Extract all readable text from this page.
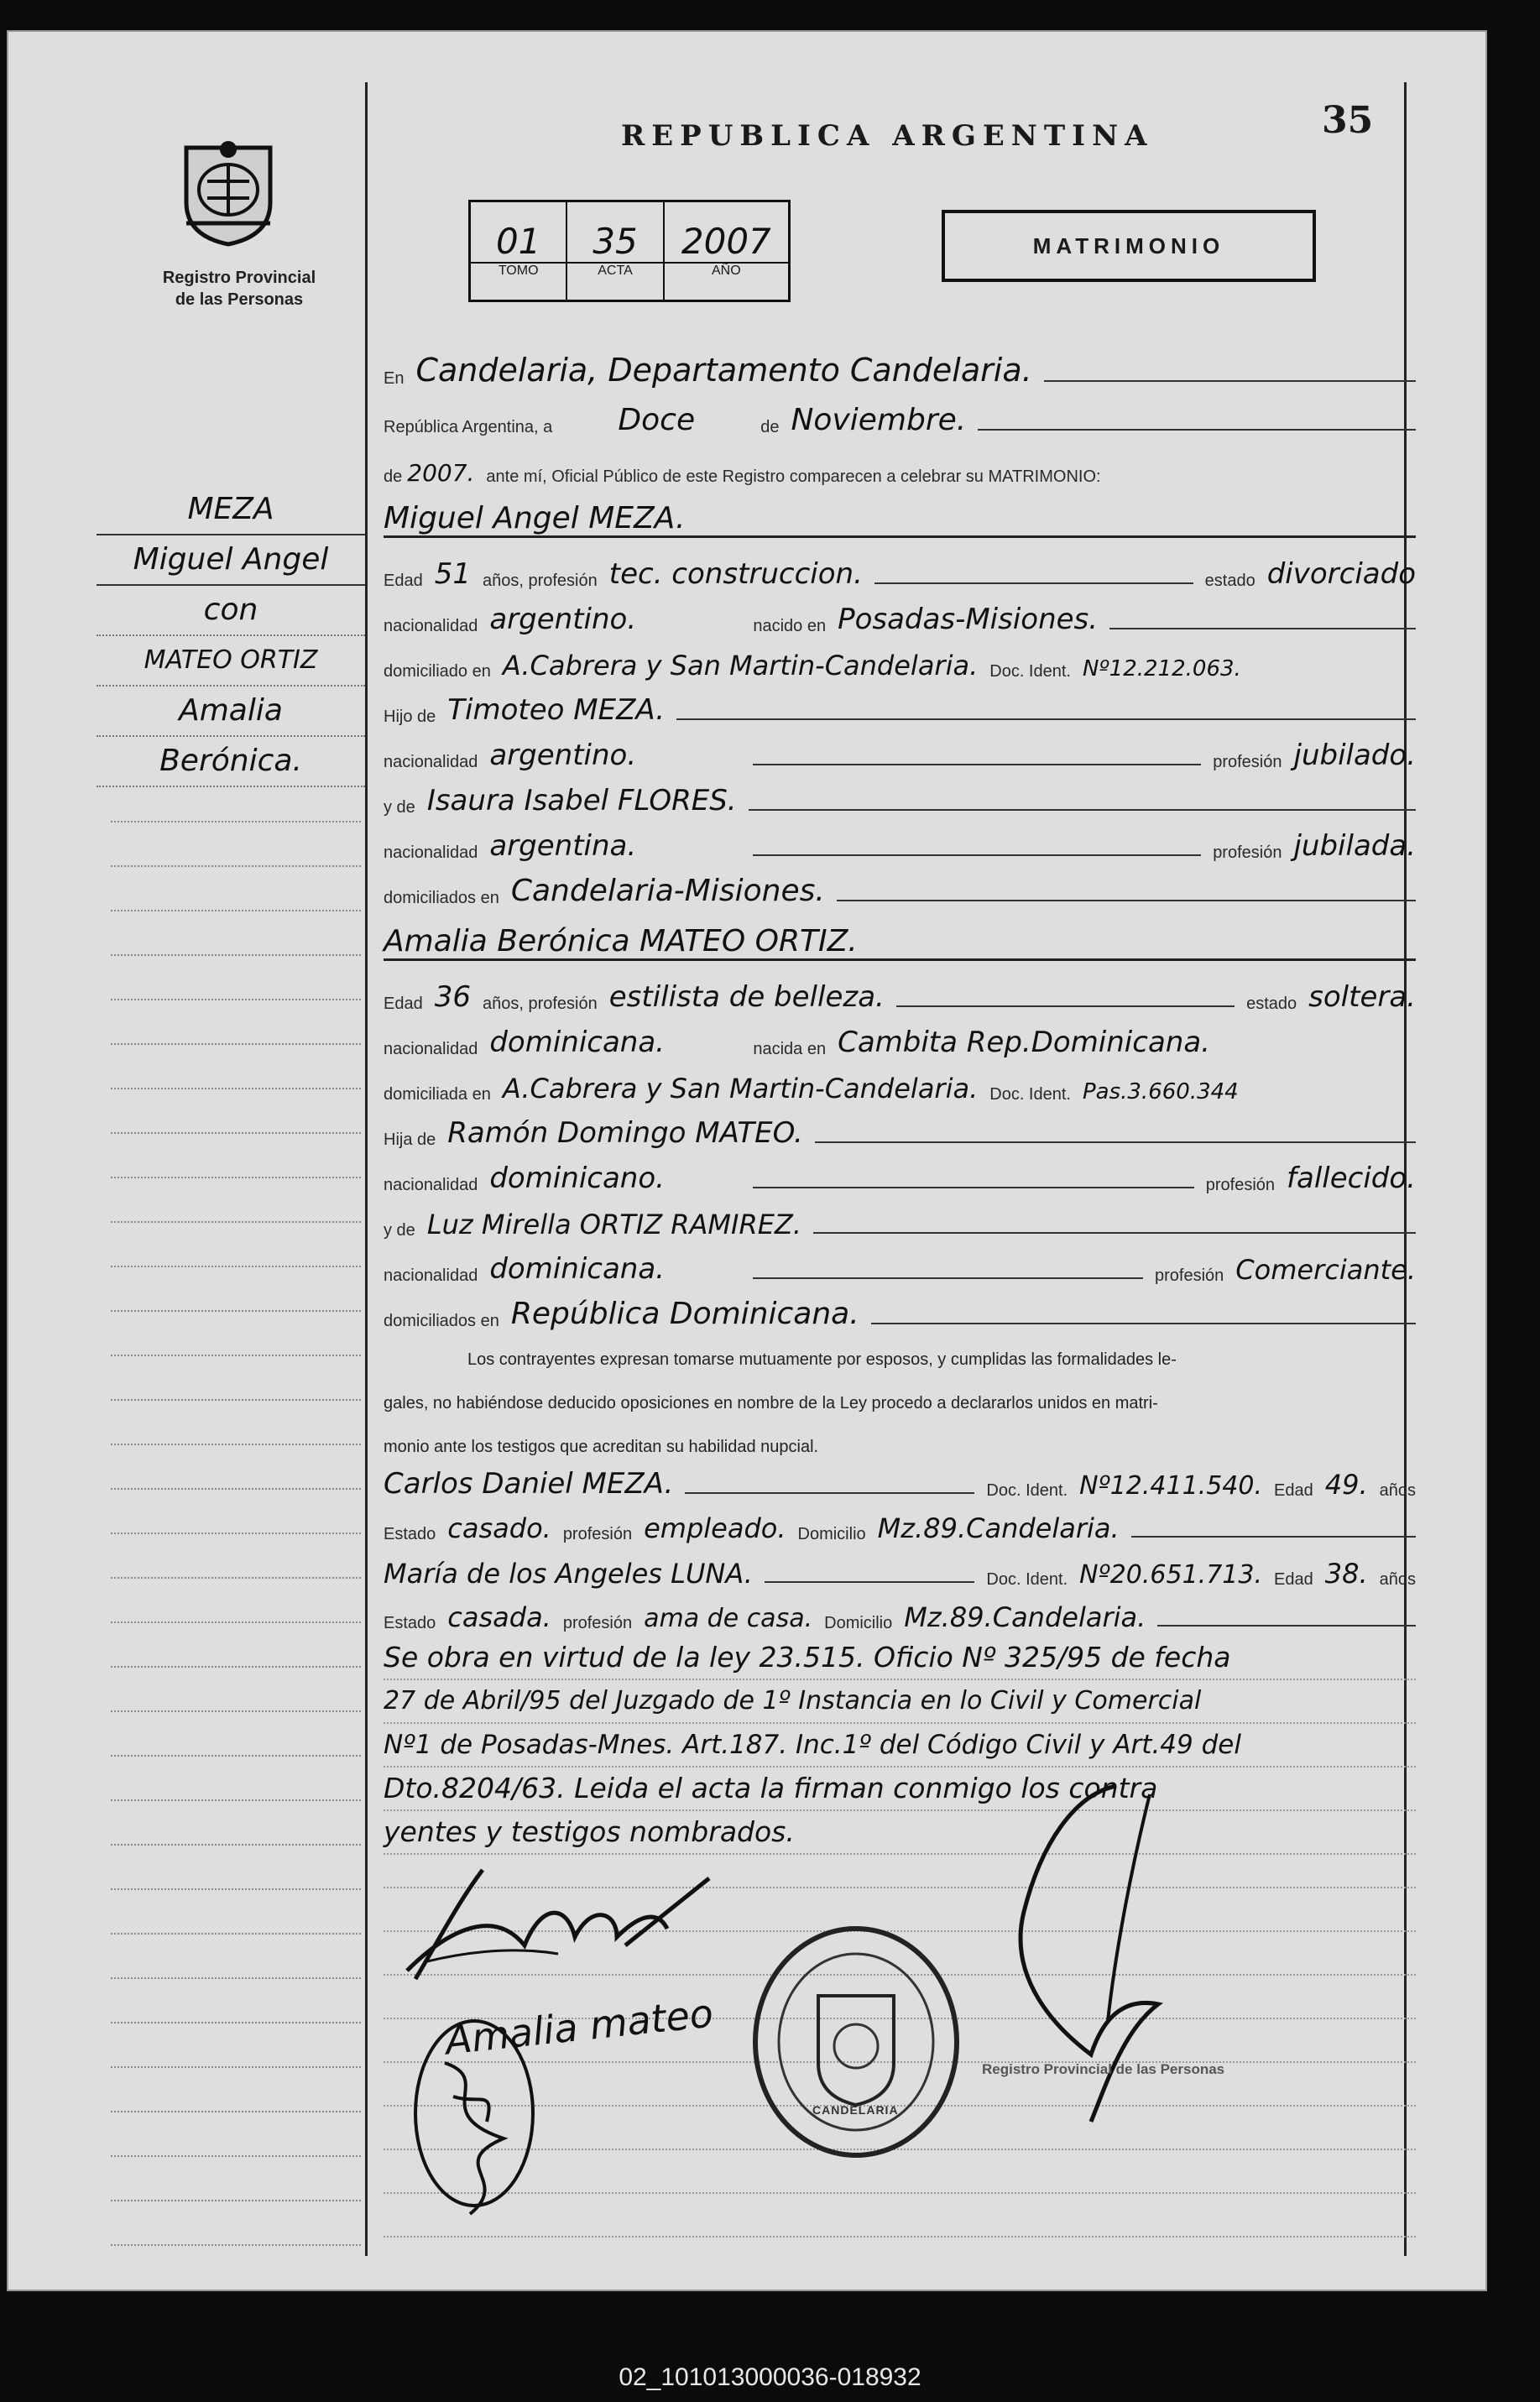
Registro Provincial
de las Personas
REPUBLICA ARGENTINA	35
01
TOMO
35
ACTA
2007
AÑO
MATRIMONIO
MEZA
Miguel Angel
con
MATEO ORTIZ
Amalia
Berónica.
En Candelaria, Departamento Candelaria.
República Argentina, a	Doce	de Noviembre.
de 2007. ante mí, Oficial Público de este Registro comparecen a celebrar su MATRIMONIO:
Miguel Angel MEZA.
Edad 51 años, profesión tec. construccion.	estado divorciado
nacionalidad argentino.	nacido en Posadas-Misiones.
domiciliado en A.Cabrera y San Martin-Candelaria. Doc. Ident. Nº12.212.063.
Hijo de Timoteo MEZA.
nacionalidad argentino.	profesión jubilado.
y de Isaura Isabel FLORES.
nacionalidad argentina.	profesión jubilada.
domiciliados en Candelaria-Misiones.
Amalia Berónica MATEO ORTIZ.
Edad 36 años, profesión estilista de belleza.	estado soltera.
nacionalidad dominicana.	nacida en Cambita Rep.Dominicana.
domiciliada en A.Cabrera y San Martin-Candelaria. Doc. Ident. Pas.3.660.344
Hija de Ramón Domingo MATEO.
nacionalidad dominicano.	profesión fallecido.
y de Luz Mirella ORTIZ RAMIREZ.
nacionalidad dominicana.	profesión Comerciante.
domiciliados en República Dominicana.
Los contrayentes expresan tomarse mutuamente por esposos, y cumplidas las formalidades le-
gales, no habiéndose deducido oposiciones en nombre de la Ley procedo a declararlos unidos en matri-
monio ante los testigos que acreditan su habilidad nupcial.
Carlos Daniel MEZA.	Doc. Ident. Nº12.411.540. Edad 49. años
Estado casado. profesión empleado. Domicilio Mz.89.Candelaria.
María de los Angeles LUNA.	Doc. Ident. Nº20.651.713. Edad 38. años
Estado casada. profesión ama de casa. Domicilio Mz.89.Candelaria.
Se obra en virtud de la ley 23.515. Oficio Nº 325/95 de fecha
27 de Abril/95 del Juzgado de 1º Instancia en lo Civil y Comercial
Nº1 de Posadas-Mnes. Art.187. Inc.1º del Código Civil y Art.49 del
Dto.8204/63. Leida el acta la firman conmigo los contra
yentes y testigos nombrados.
Amalia mateo
CANDELARIA
Registro Provincial de las Personas
02_101013000036-018932
